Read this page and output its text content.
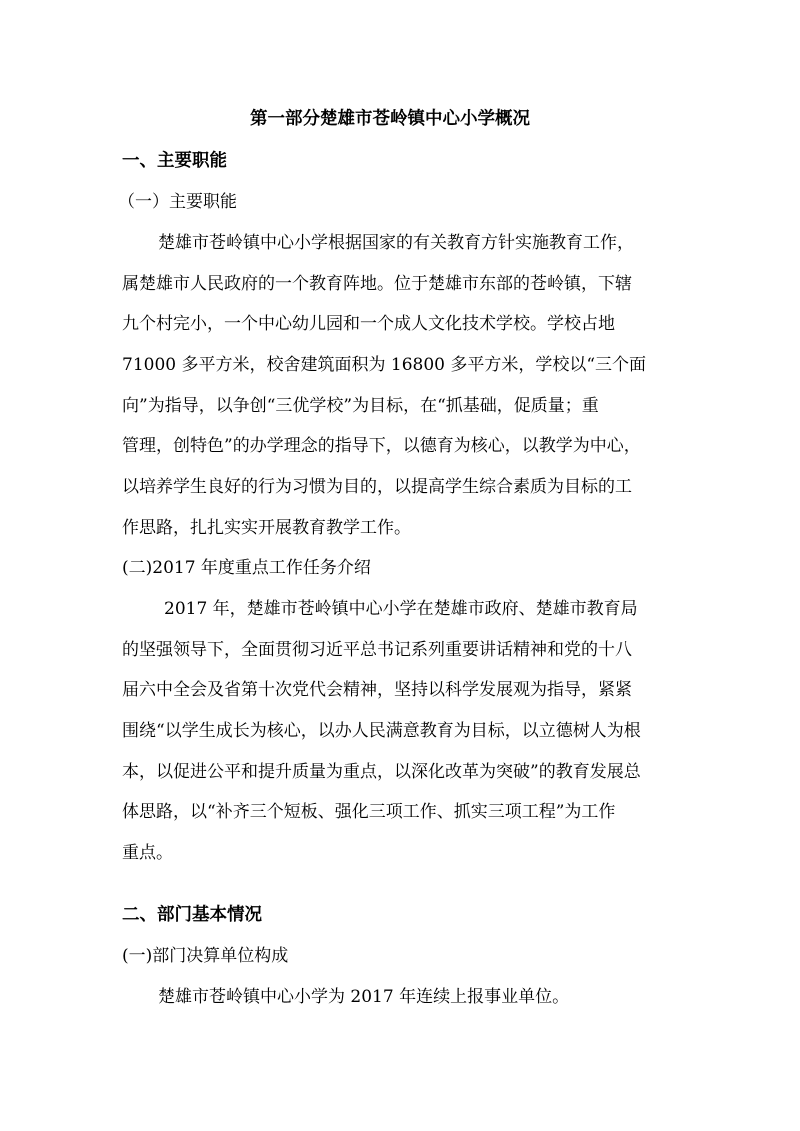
第一部分楚雄市苍岭镇中心小学概况
一、主要职能
（一）主要职能
楚雄市苍岭镇中心小学根据国家的有关教育方针实施教育工作，
属楚雄市人民政府的一个教育阵地。位于楚雄市东部的苍岭镇，下辖
九个村完小，一个中心幼儿园和一个成人文化技术学校。学校占地
71000 多平方米，校舍建筑面积为 16800 多平方米，学校以“三个面
向”为指导，以争创“三优学校”为目标，在“抓基础，促质量；重
管理，创特色”的办学理念的指导下，以德育为核心，以教学为中心，
以培养学生良好的行为习惯为目的，以提高学生综合素质为目标的工
作思路，扎扎实实开展教育教学工作。
(二)2017 年度重点工作任务介绍
2017 年，楚雄市苍岭镇中心小学在楚雄市政府、楚雄市教育局
的坚强领导下，全面贯彻习近平总书记系列重要讲话精神和党的十八
届六中全会及省第十次党代会精神，坚持以科学发展观为指导，紧紧
围绕“以学生成长为核心，以办人民满意教育为目标，以立德树人为根
本，以促进公平和提升质量为重点，以深化改革为突破”的教育发展总
体思路，以“补齐三个短板、强化三项工作、抓实三项工程”为工作
重点。
二、部门基本情况
(一)部门决算单位构成
楚雄市苍岭镇中心小学为 2017 年连续上报事业单位。
